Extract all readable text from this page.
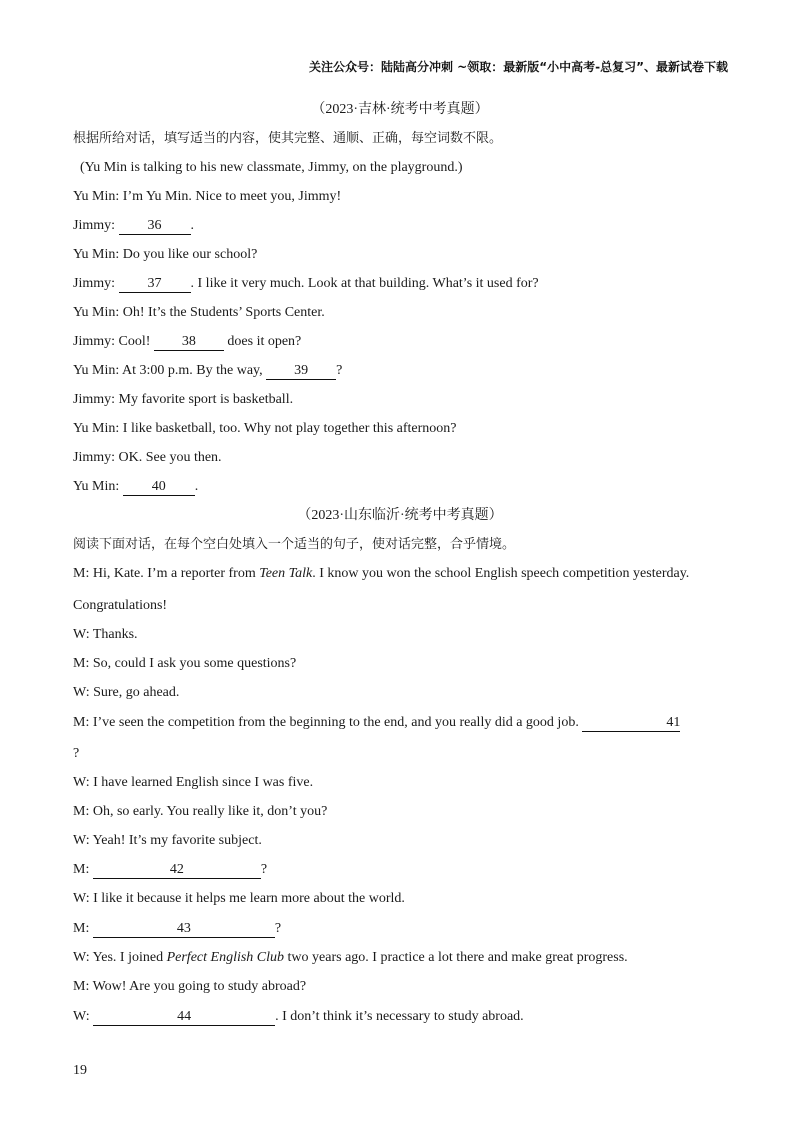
关注公众号：陆陆高分冲刺 ~领取：最新版“小中高考-总复习”、最新试卷下载
（2023·吉林·统考中考真题）
根据所给对话，填写适当的内容，使其完整、通顺、正确，每空词数不限。
(Yu Min is talking to his new classmate, Jimmy, on the playground.)
Yu Min: I’m Yu Min. Nice to meet you, Jimmy!
Jimmy: 36 .
Yu Min: Do you like our school?
Jimmy: 37 . I like it very much. Look at that building. What’s it used for?
Yu Min: Oh! It’s the Students’ Sports Center.
Jimmy: Cool! 38 does it open?
Yu Min: At 3:00 p.m. By the way, 39 ?
Jimmy: My favorite sport is basketball.
Yu Min: I like basketball, too. Why not play together this afternoon?
Jimmy: OK. See you then.
Yu Min: 40 .
（2023·山东临沂·统考中考真题）
阅读下面对话，在每个空白处填入一个适当的句子，使对话完整，合乎情境。
M: Hi, Kate. I’m a reporter from Teen Talk. I know you won the school English speech competition yesterday.
Congratulations!
W: Thanks.
M: So, could I ask you some questions?
W: Sure, go ahead.
M: I’ve seen the competition from the beginning to the end, and you really did a good job.	41
?
W: I have learned English since I was five.
M: Oh, so early. You really like it, don’t you?
W: Yeah! It’s my favorite subject.
M:	42	?
W: I like it because it helps me learn more about the world.
M:	43	?
W: Yes. I joined Perfect English Club two years ago. I practice a lot there and make great progress.
M: Wow! Are you going to study abroad?
W:	44	. I don’t think it’s necessary to study abroad.
19
